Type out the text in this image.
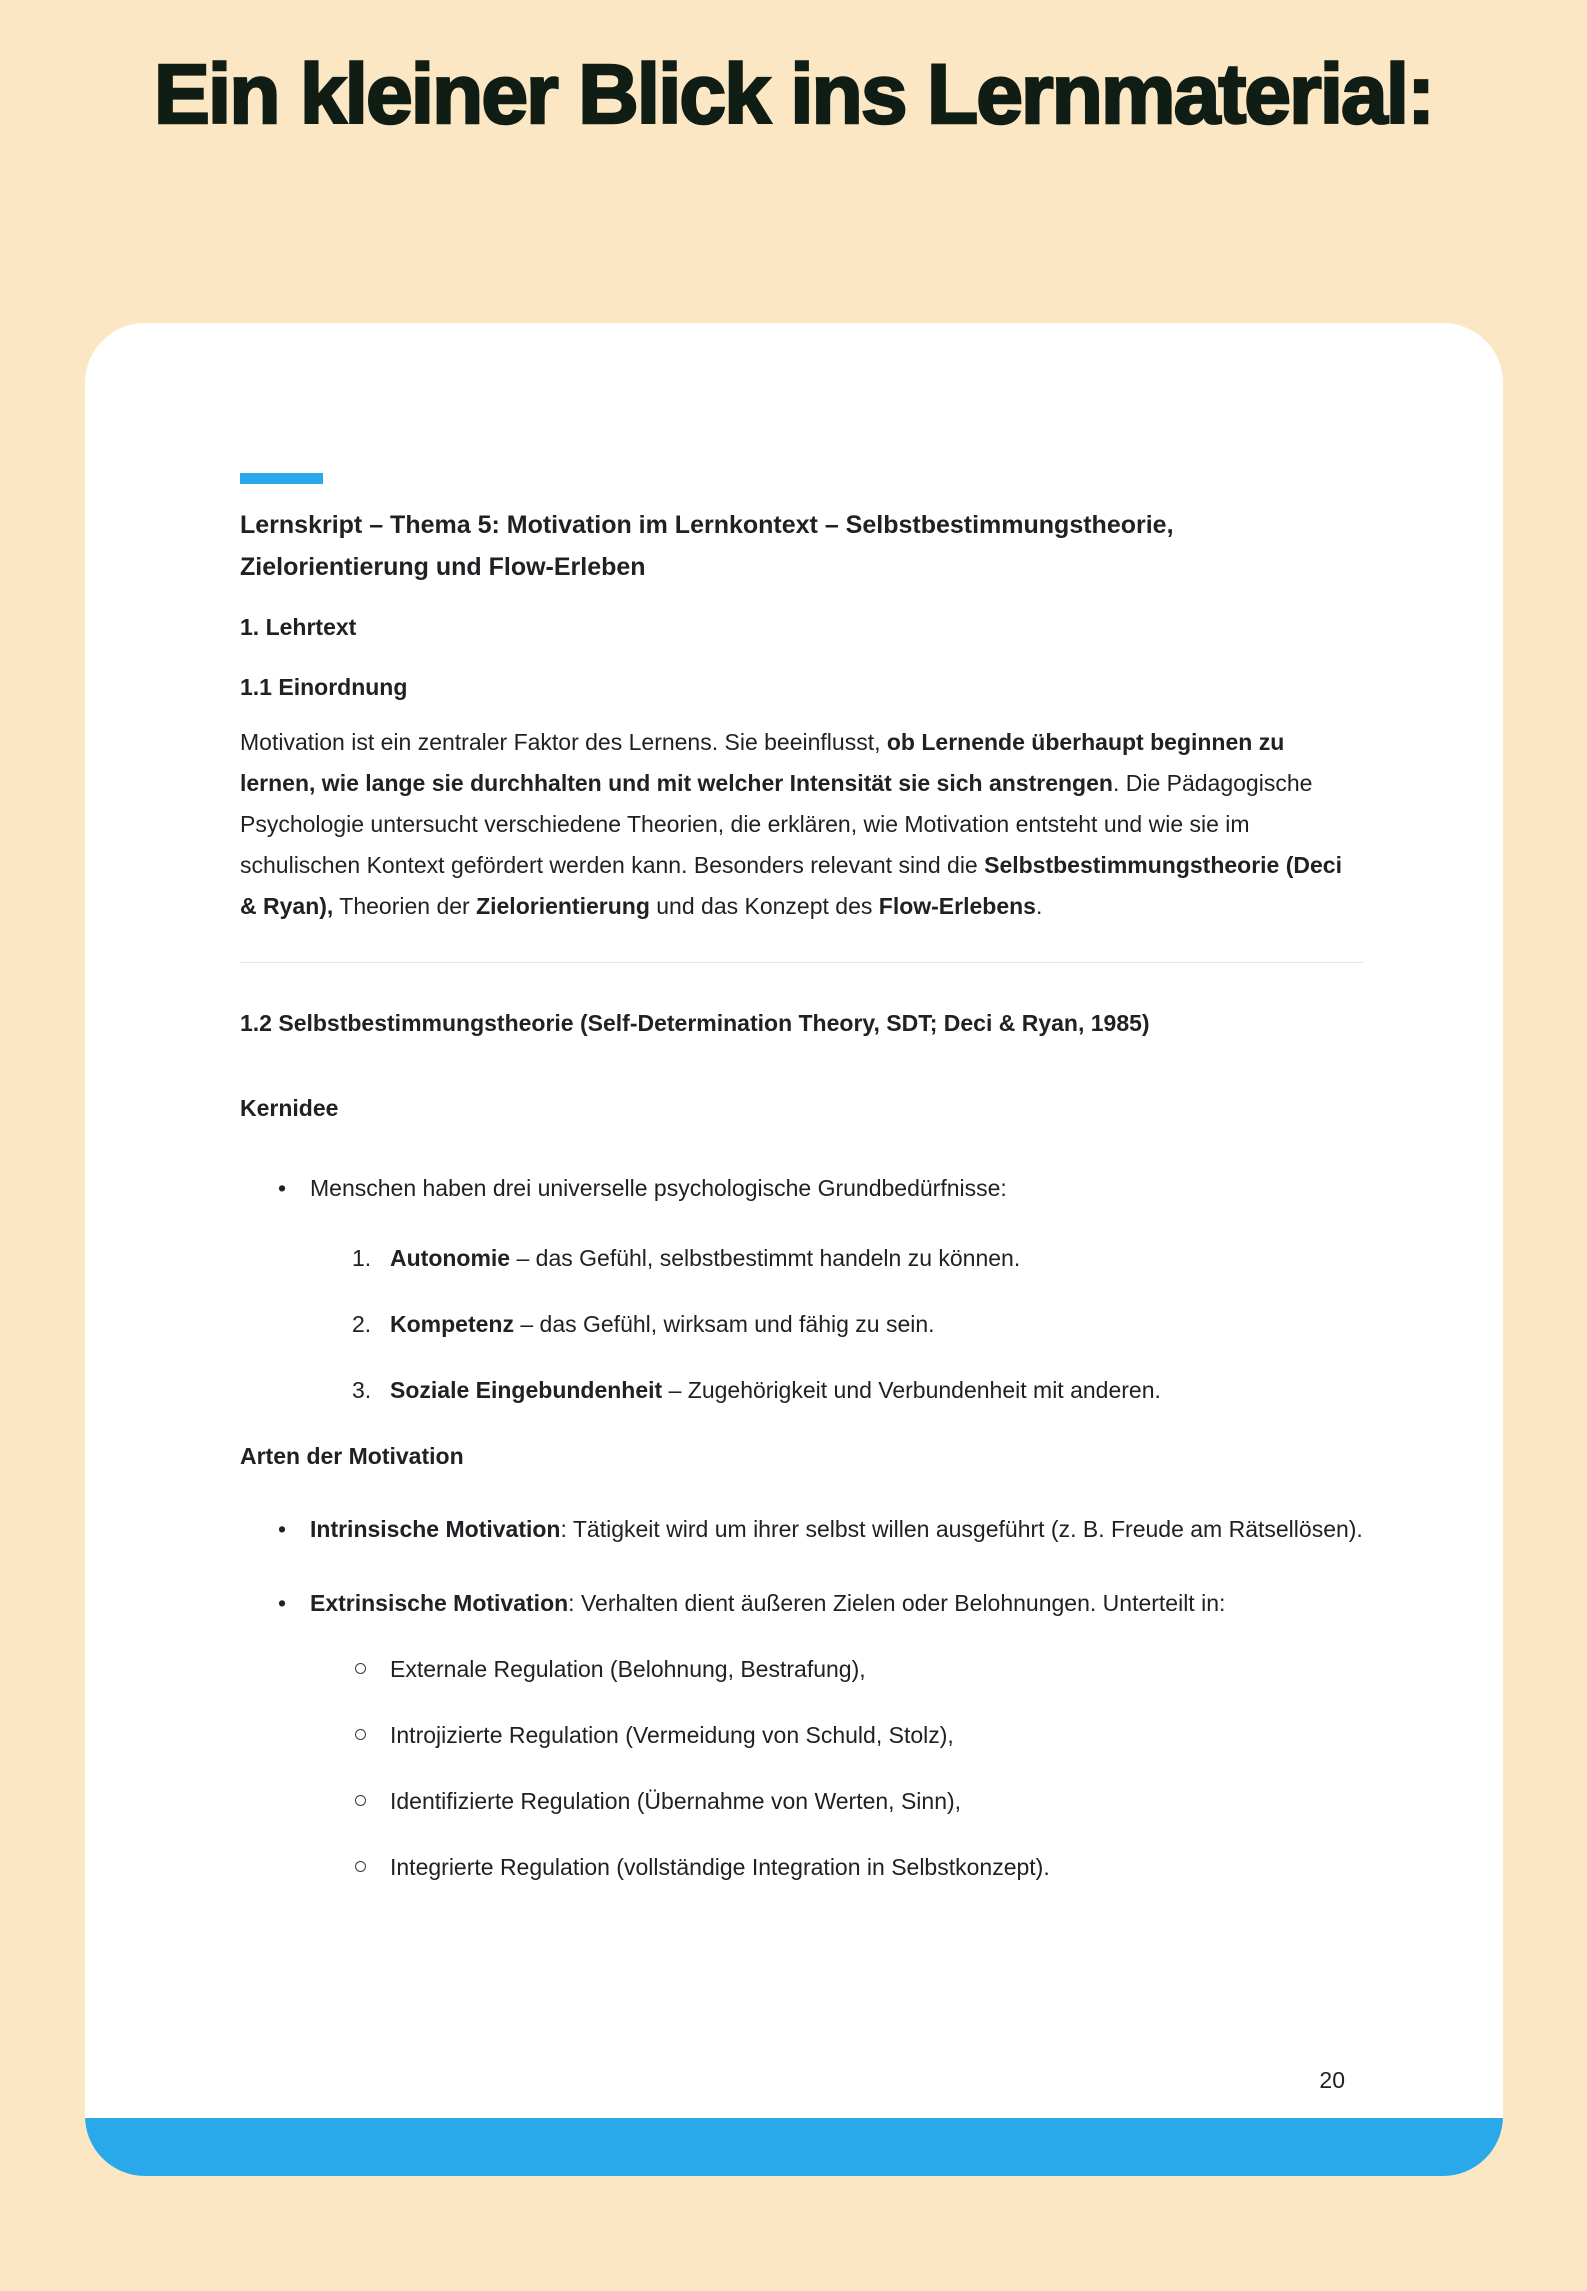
Ein kleiner Blick ins Lernmaterial:
Lernskript – Thema 5: Motivation im Lernkontext – Selbstbestimmungstheorie, Zielorientierung und Flow-Erleben
1. Lehrtext
1.1 Einordnung

Motivation ist ein zentraler Faktor des Lernens. Sie beeinflusst, ob Lernende überhaupt beginnen zu lernen, wie lange sie durchhalten und mit welcher Intensität sie sich anstrengen. Die Pädagogische Psychologie untersucht verschiedene Theorien, die erklären, wie Motivation entsteht und wie sie im schulischen Kontext gefördert werden kann. Besonders relevant sind die Selbstbestimmungstheorie (Deci & Ryan), Theorien der Zielorientierung und das Konzept des Flow-Erlebens.

1.2 Selbstbestimmungstheorie (Self-Determination Theory, SDT; Deci & Ryan, 1985)
Kernidee
•	Menschen haben drei universelle psychologische Grundbedürfnisse:
1. Autonomie – das Gefühl, selbstbestimmt handeln zu können.
2. Kompetenz – das Gefühl, wirksam und fähig zu sein.
3. Soziale Eingebundenheit – Zugehörigkeit und Verbundenheit mit anderen.
Arten der Motivation
•	Intrinsische Motivation: Tätigkeit wird um ihrer selbst willen ausgeführt (z. B. Freude am Rätsellösen).
•	Extrinsische Motivation: Verhalten dient äußeren Zielen oder Belohnungen. Unterteilt in:
Externale Regulation (Belohnung, Bestrafung),
Introjizierte Regulation (Vermeidung von Schuld, Stolz),
Identifizierte Regulation (Übernahme von Werten, Sinn),
Integrierte Regulation (vollständige Integration in Selbstkonzept).
20
